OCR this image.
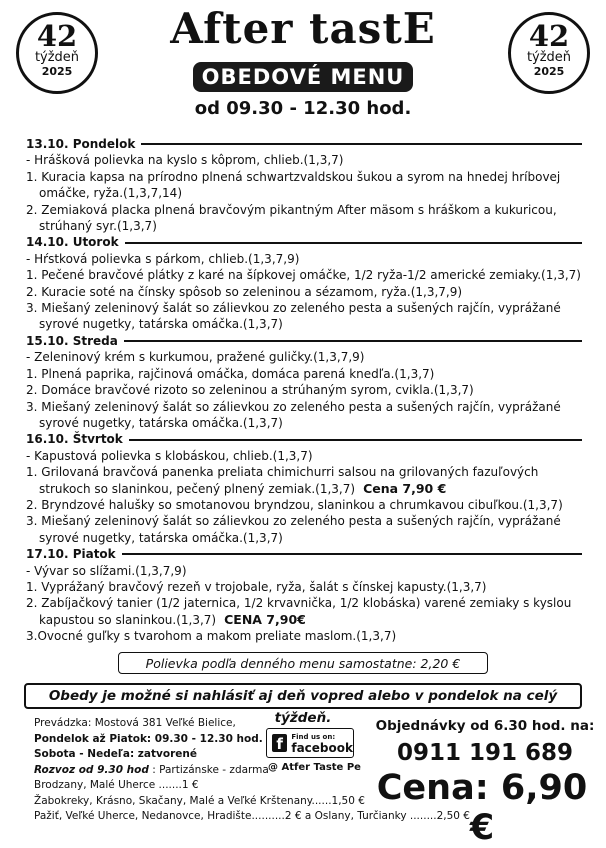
42
týždeň
2025
42
týždeň
2025
After tastE
OBEDOVÉ MENU
od 09.30 - 12.30 hod.
13.10. Pondelok
- Hrášková polievka na kyslo s kôprom, chlieb.(1,3,7)
1. Kuracia kapsa na prírodno plnená schwartzvaldskou šukou a syrom na hnedej hríbovej omáčke, ryža.(1,3,7,14)
2. Zemiaková placka plnená bravčovým pikantným After mäsom s hráškom a kukuricou, strúhaný syr.(1,3,7)
14.10. Utorok
- Hŕstková polievka s párkom, chlieb.(1,3,7,9)
1. Pečené bravčové plátky z karé na šípkovej omáčke, 1/2 ryža-1/2 americké zemiaky.(1,3,7)
2. Kuracie soté na čínsky spôsob so zeleninou a sézamom, ryža.(1,3,7,9)
3. Miešaný zeleninový šalát so zálievkou zo zeleného pesta a sušených rajčín, vyprážané syrové nugetky, tatárska omáčka.(1,3,7)
15.10. Streda
- Zeleninový krém s kurkumou, pražené guličky.(1,3,7,9)
1. Plnená paprika, rajčinová omáčka, domáca parená knedľa.(1,3,7)
2. Domáce bravčové rizoto so zeleninou a strúhaným syrom, cvikla.(1,3,7)
3. Miešaný zeleninový šalát so zálievkou zo zeleného pesta a sušených rajčín, vyprážané syrové nugetky, tatárska omáčka.(1,3,7)
16.10. Štvrtok
- Kapustová polievka s klobáskou, chlieb.(1,3,7)
1. Grilovaná bravčová panenka preliata chimichurri salsou na grilovaných fazuľových strukoch so slaninkou, pečený plnený zemiak.(1,3,7) Cena 7,90 €
2. Bryndzové halušky so smotanovou bryndzou, slaninkou a chrumkavou cibuľkou.(1,3,7)
3. Miešaný zeleninový šalát so zálievkou zo zeleného pesta a sušených rajčín, vyprážané syrové nugetky, tatárska omáčka.(1,3,7)
17.10. Piatok
- Vývar so slížami.(1,3,7,9)
1. Vyprážaný bravčový rezeň v trojobale, ryža, šalát s čínskej kapusty.(1,3,7)
2. Zabíjačkový tanier (1/2 jaternica, 1/2 krvavnička, 1/2 klobáska) varené zemiaky s kyslou kapustou so slaninkou.(1,3,7) CENA 7,90€
3.Ovocné guľky s tvarohom a makom preliate maslom.(1,3,7)
Polievka podľa denného menu samostatne: 2,20 €
Obedy je možné si nahlásiť aj deň vopred alebo v pondelok na celý týždeň.
Prevádzka: Mostová 381 Veľké Bielice,
Pondelok až Piatok: 09.30 - 12.30 hod.
Sobota - Nedeľa: zatvorené
Rozvoz od 9.30 hod : Partizánske - zdarma
Brodzany, Malé Uherce .......1 €
Žabokreky, Krásno, Skačany, Malé a Veľké Krštenany......1,50 €
Pažiť, Veľké Uherce, Nedanovce, Hradište..........2 € a Oslany, Turčianky ........2,50 €
f	Find us on:
facebook
@ Atfer Taste Pe
Objednávky od 6.30 hod. na:
0911 191 689
Cena: 6,90 €
